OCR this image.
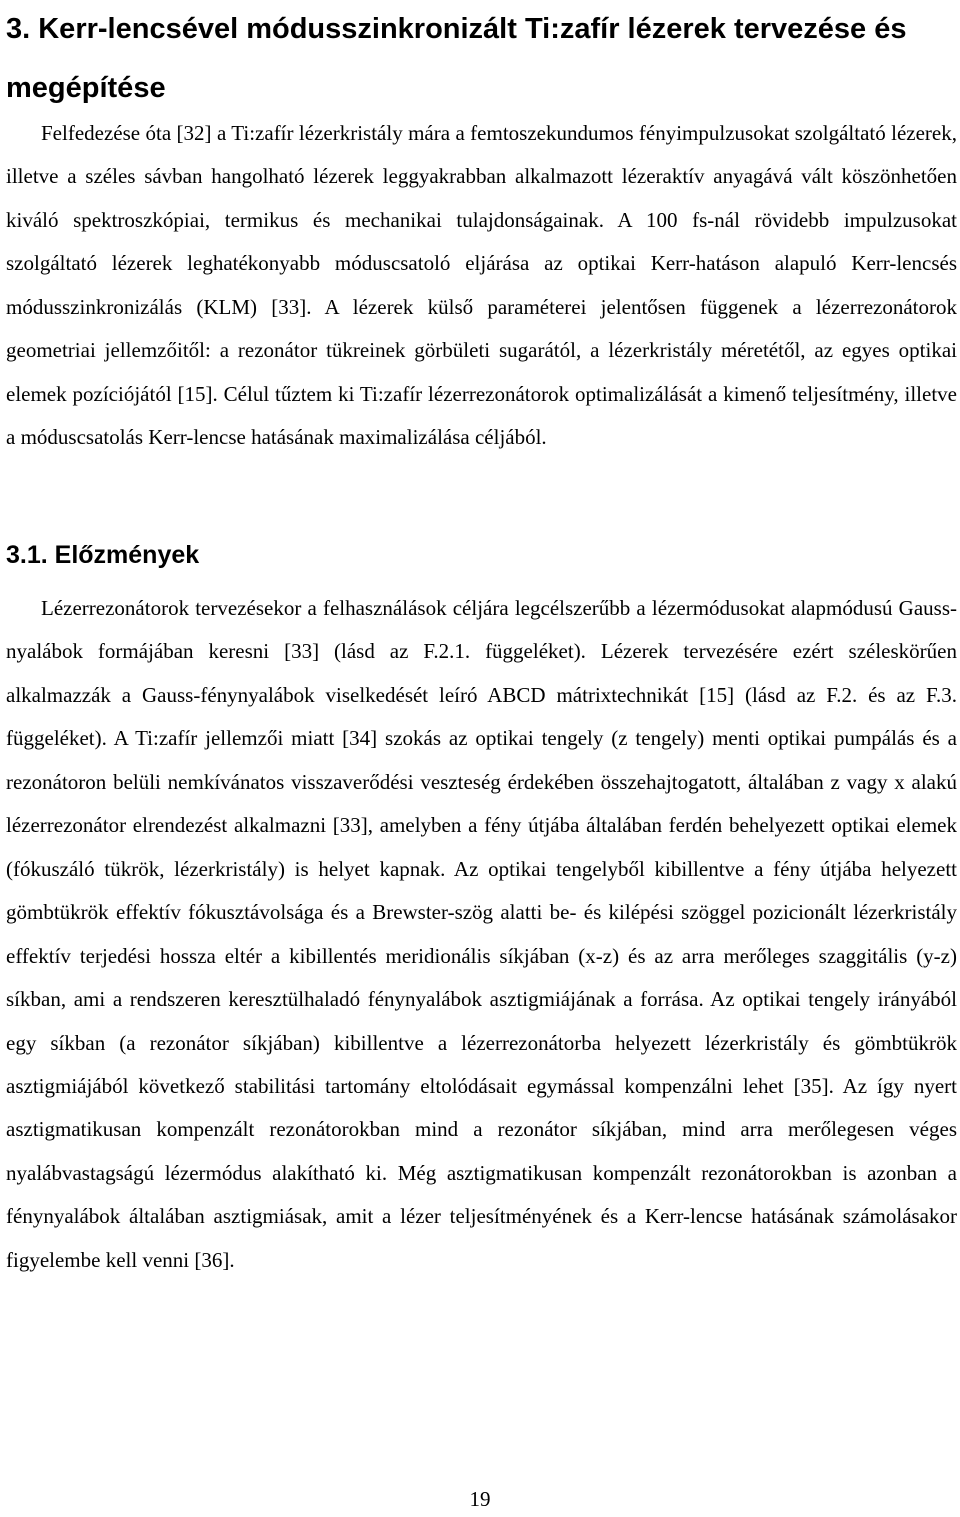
3. Kerr-lencsével módusszinkronizált Ti:zafír lézerek tervezése és megépítése

Felfedezése óta [32] a Ti:zafír lézerkristály mára a femtoszekundumos fényimpulzusokat szolgáltató lézerek, illetve a széles sávban hangolható lézerek leggyakrabban alkalmazott lézeraktív anyagává vált köszönhetően kiváló spektroszkópiai, termikus és mechanikai tulajdonságainak. A 100 fs-nál rövidebb impulzusokat szolgáltató lézerek leghatékonyabb móduscsatoló eljárása az optikai Kerr-hatáson alapuló Kerr-lencsés módusszinkronizálás (KLM) [33]. A lézerek külső paraméterei jelentősen függenek a lézerrezonátorok geometriai jellemzőitől: a rezonátor tükreinek görbületi sugarától, a lézerkristály méretétől, az egyes optikai elemek pozíciójától [15]. Célul tűztem ki Ti:zafír lézerrezonátorok optimalizálását a kimenő teljesítmény, illetve a móduscsatolás Kerr-lencse hatásának maximalizálása céljából.

3.1. Előzmények

Lézerrezonátorok tervezésekor a felhasználások céljára legcélszerűbb a lézermódusokat alapmódusú Gauss-nyalábok formájában keresni [33] (lásd az F.2.1. függeléket). Lézerek tervezésére ezért széleskörűen alkalmazzák a Gauss-fénynyalábok viselkedését leíró ABCD mátrixtechnikát [15] (lásd az F.2. és az F.3. függeléket). A Ti:zafír jellemzői miatt [34] szokás az optikai tengely (z tengely) menti optikai pumpálás és a rezonátoron belüli nemkívánatos visszaverődési veszteség érdekében összehajtogatott, általában z vagy x alakú lézerrezonátor elrendezést alkalmazni [33], amelyben a fény útjába általában ferdén behelyezett optikai elemek (fókuszáló tükrök, lézerkristály) is helyet kapnak. Az optikai tengelyből kibillentve a fény útjába helyezett gömbtükrök effektív fókusztávolsága és a Brewster-szög alatti be- és kilépési szöggel pozicionált lézerkristály effektív terjedési hossza eltér a kibillentés meridionális síkjában (x-z) és az arra merőleges szaggitális (y-z) síkban, ami a rendszeren keresztülhaladó fénynyalábok asztigmiájának a forrása. Az optikai tengely irányából egy síkban (a rezonátor síkjában) kibillentve a lézerrezonátorba helyezett lézerkristály és gömbtükrök asztigmiájából következő stabilitási tartomány eltolódásait egymással kompenzálni lehet [35]. Az így nyert asztigmatikusan kompenzált rezonátorokban mind a rezonátor síkjában, mind arra merőlegesen véges nyalábvastagságú lézermódus alakítható ki. Még asztigmatikusan kompenzált rezonátorokban is azonban a fénynyalábok általában asztigmiásak, amit a lézer teljesítményének és a Kerr-lencse hatásának számolásakor figyelembe kell venni [36].

19
